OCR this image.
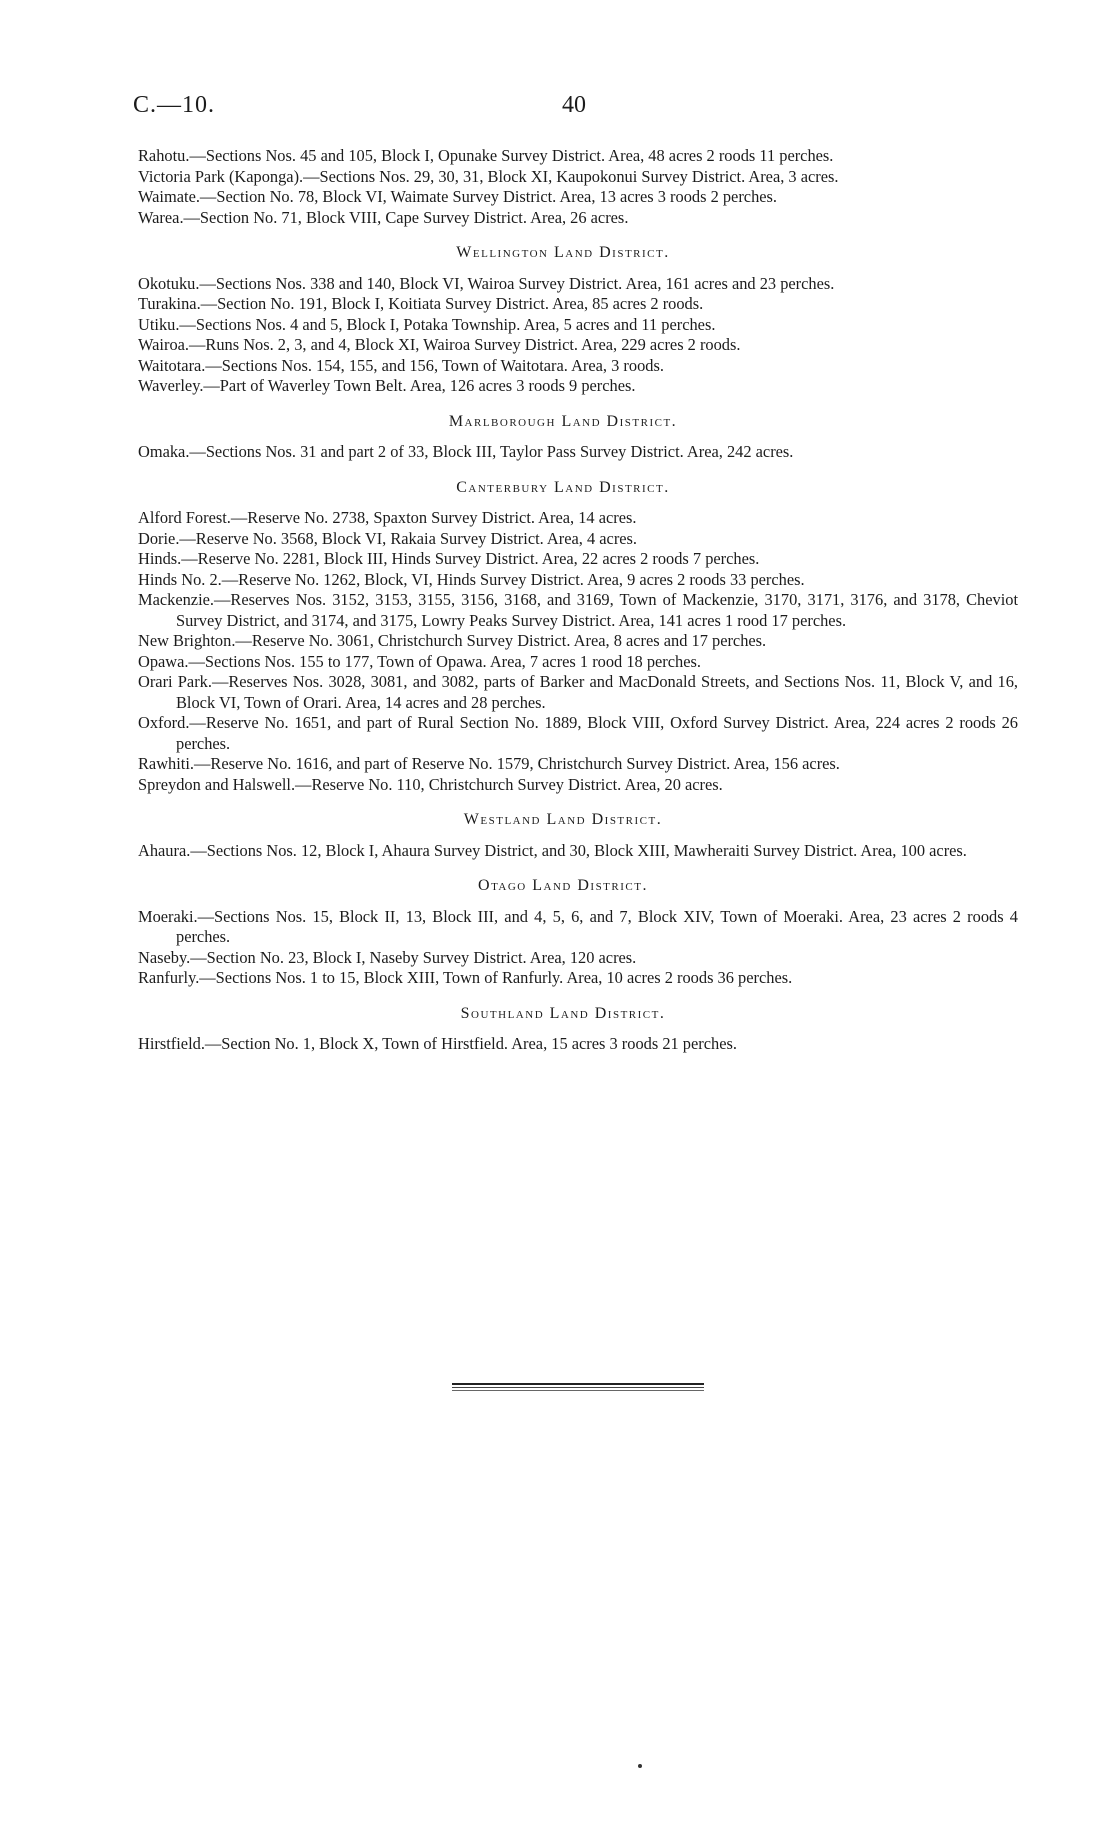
C.—10.	40

Rahotu.—Sections Nos. 45 and 105, Block I, Opunake Survey District. Area, 48 acres 2 roods 11 perches.

Victoria Park (Kaponga).—Sections Nos. 29, 30, 31, Block XI, Kaupokonui Survey District. Area, 3 acres.

Waimate.—Section No. 78, Block VI, Waimate Survey District. Area, 13 acres 3 roods 2 perches.

Warea.—Section No. 71, Block VIII, Cape Survey District. Area, 26 acres.

Wellington Land District.

Okotuku.—Sections Nos. 338 and 140, Block VI, Wairoa Survey District. Area, 161 acres and 23 perches.

Turakina.—Section No. 191, Block I, Koitiata Survey District. Area, 85 acres 2 roods.

Utiku.—Sections Nos. 4 and 5, Block I, Potaka Township. Area, 5 acres and 11 perches.

Wairoa.—Runs Nos. 2, 3, and 4, Block XI, Wairoa Survey District. Area, 229 acres 2 roods.

Waitotara.—Sections Nos. 154, 155, and 156, Town of Waitotara. Area, 3 roods.

Waverley.—Part of Waverley Town Belt. Area, 126 acres 3 roods 9 perches.

Marlborough Land District.

Omaka.—Sections Nos. 31 and part 2 of 33, Block III, Taylor Pass Survey District. Area, 242 acres.

Canterbury Land District.

Alford Forest.—Reserve No. 2738, Spaxton Survey District. Area, 14 acres.

Dorie.—Reserve No. 3568, Block VI, Rakaia Survey District. Area, 4 acres.

Hinds.—Reserve No. 2281, Block III, Hinds Survey District. Area, 22 acres 2 roods 7 perches.

Hinds No. 2.—Reserve No. 1262, Block, VI, Hinds Survey District. Area, 9 acres 2 roods 33 perches.

Mackenzie.—Reserves Nos. 3152, 3153, 3155, 3156, 3168, and 3169, Town of Mackenzie, 3170, 3171, 3176, and 3178, Cheviot Survey District, and 3174, and 3175, Lowry Peaks Survey District. Area, 141 acres 1 rood 17 perches.

New Brighton.—Reserve No. 3061, Christchurch Survey District. Area, 8 acres and 17 perches.

Opawa.—Sections Nos. 155 to 177, Town of Opawa. Area, 7 acres 1 rood 18 perches.

Orari Park.—Reserves Nos. 3028, 3081, and 3082, parts of Barker and MacDonald Streets, and Sections Nos. 11, Block V, and 16, Block VI, Town of Orari. Area, 14 acres and 28 perches.

Oxford.—Reserve No. 1651, and part of Rural Section No. 1889, Block VIII, Oxford Survey District. Area, 224 acres 2 roods 26 perches.

Rawhiti.—Reserve No. 1616, and part of Reserve No. 1579, Christchurch Survey District. Area, 156 acres.

Spreydon and Halswell.—Reserve No. 110, Christchurch Survey District. Area, 20 acres.

Westland Land District.

Ahaura.—Sections Nos. 12, Block I, Ahaura Survey District, and 30, Block XIII, Mawheraiti Survey District. Area, 100 acres.

Otago Land District.

Moeraki.—Sections Nos. 15, Block II, 13, Block III, and 4, 5, 6, and 7, Block XIV, Town of Moeraki. Area, 23 acres 2 roods 4 perches.

Naseby.—Section No. 23, Block I, Naseby Survey District. Area, 120 acres.

Ranfurly.—Sections Nos. 1 to 15, Block XIII, Town of Ranfurly. Area, 10 acres 2 roods 36 perches.

Southland Land District.

Hirstfield.—Section No. 1, Block X, Town of Hirstfield. Area, 15 acres 3 roods 21 perches.
